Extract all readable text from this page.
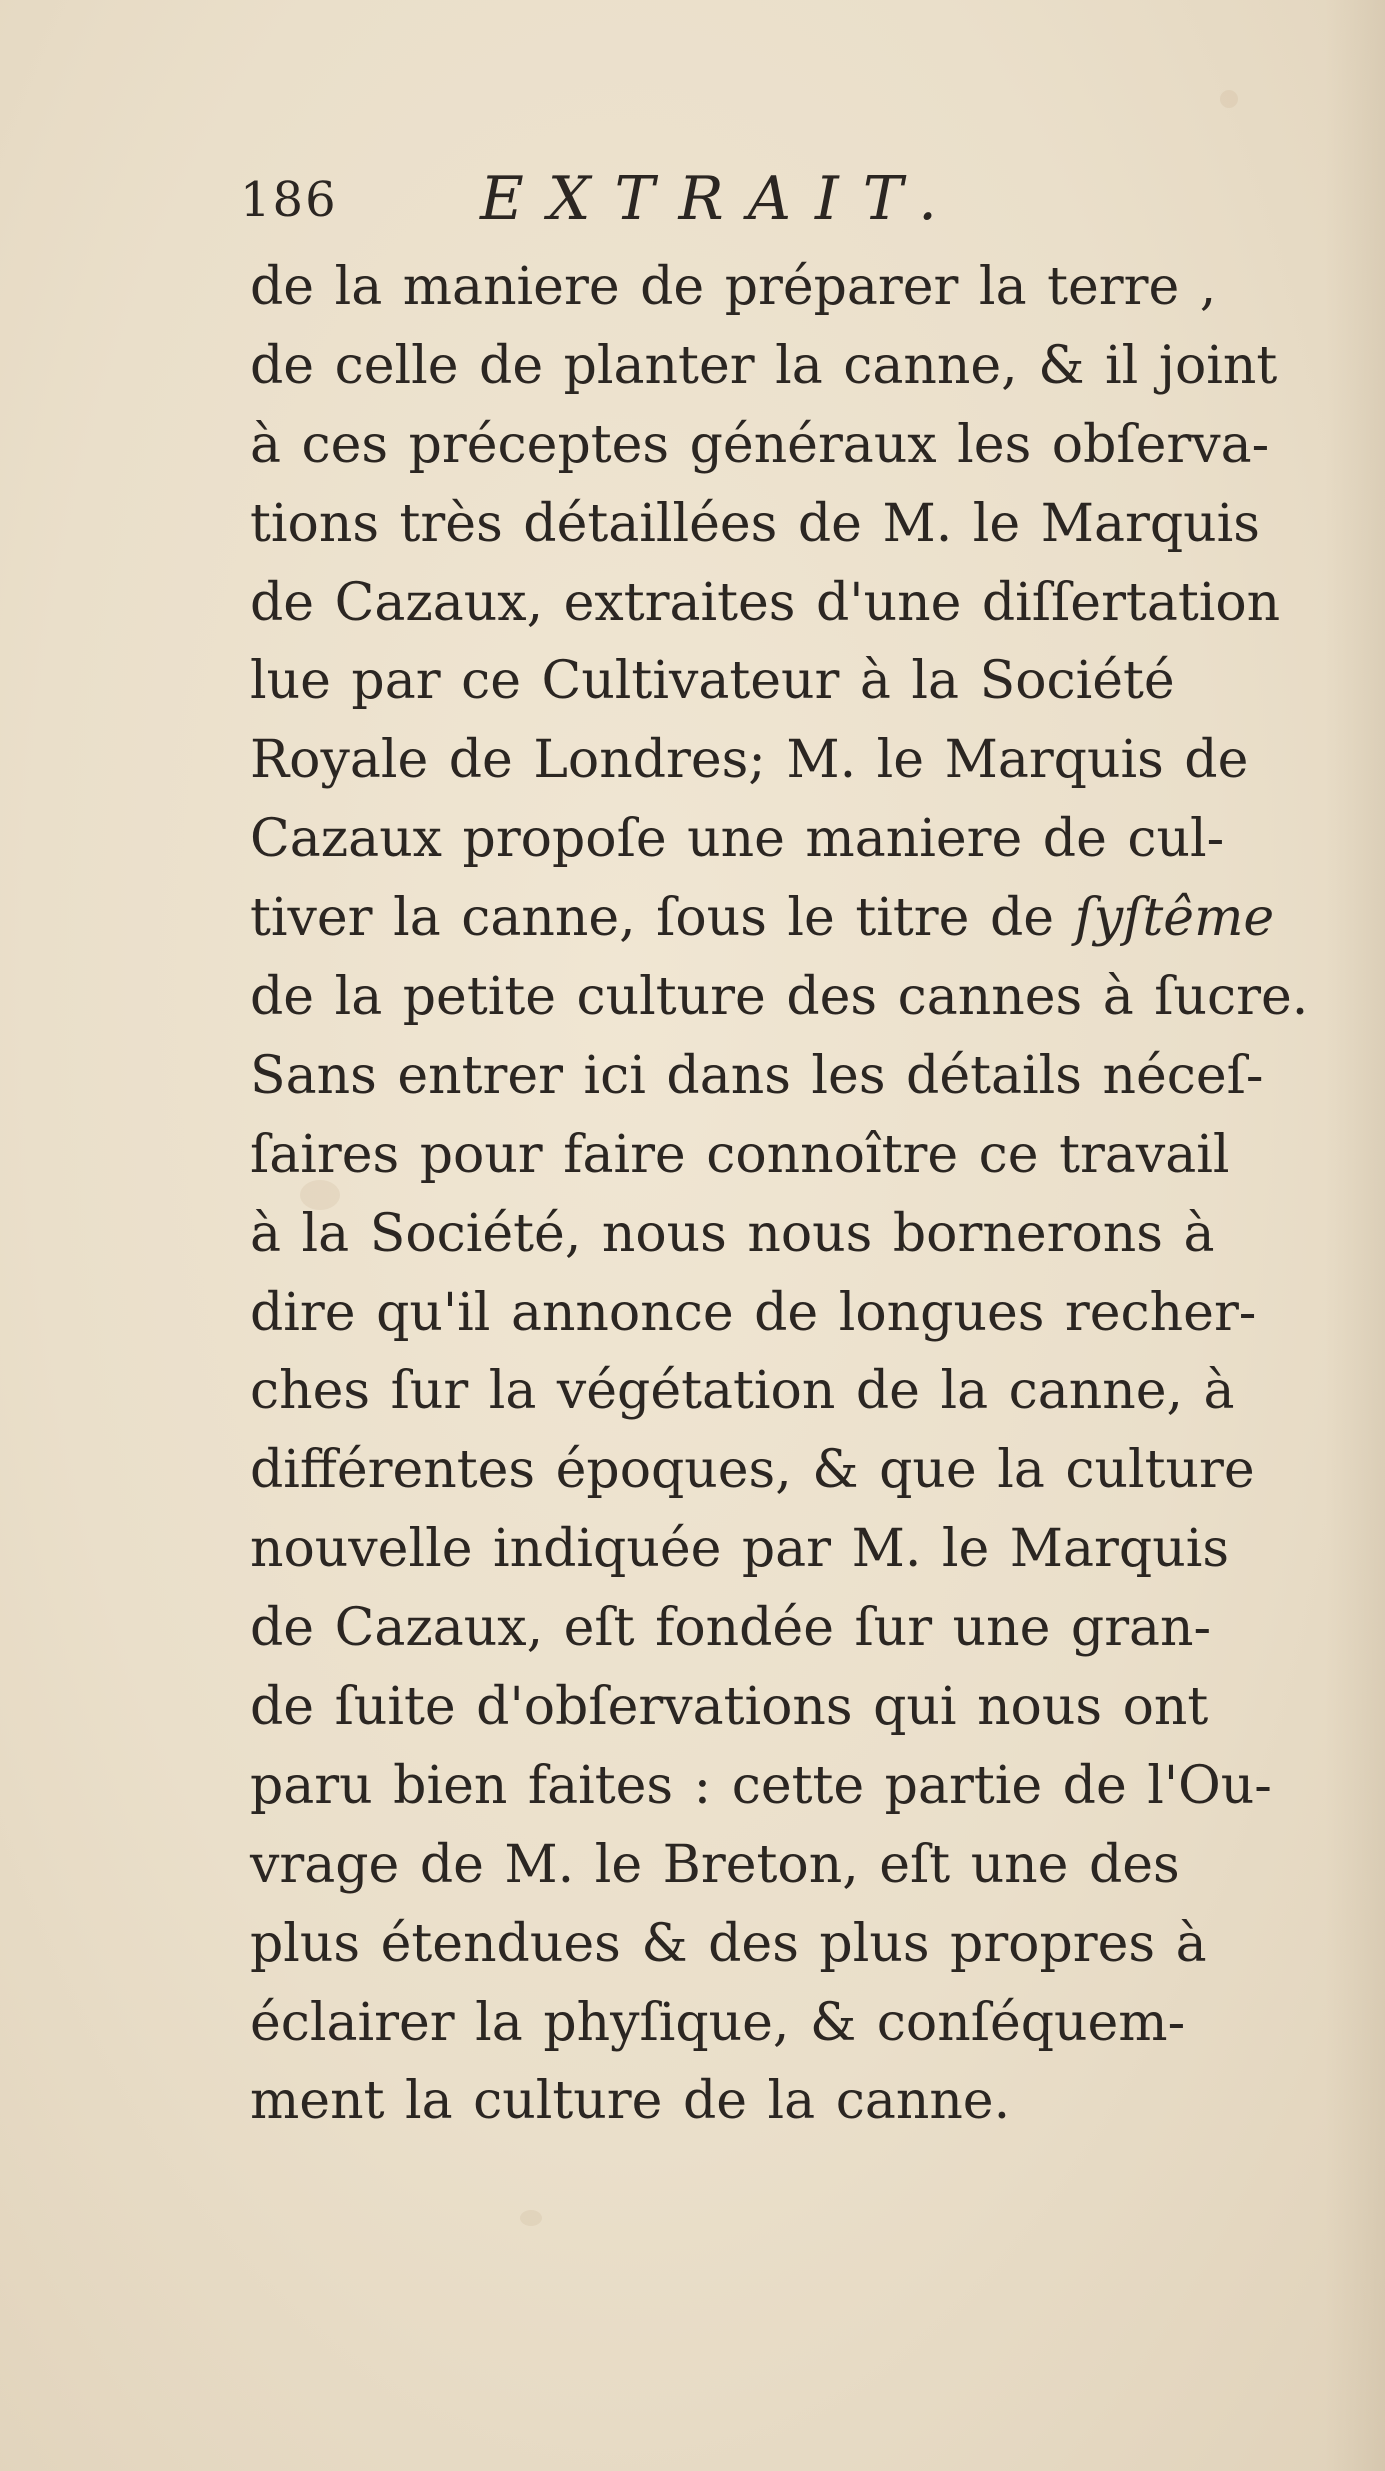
186 EXTRAIT.
de la maniere de préparer la terre ,
de celle de planter la canne, & il joint
à ces préceptes généraux les obſerva-
tions très détaillées de M. le Marquis
de Cazaux, extraites d'une diſſertation
lue par ce Cultivateur à la Société
Royale de Londres; M. le Marquis de
Cazaux propoſe une maniere de cul-
tiver la canne, ſous le titre de ſyſtême
de la petite culture des cannes à ſucre.
Sans entrer ici dans les détails néceſ-
ſaires pour faire connoître ce travail
à la Société, nous nous bornerons à
dire qu'il annonce de longues recher-
ches ſur la végétation de la canne, à
différentes époques, & que la culture
nouvelle indiquée par M. le Marquis
de Cazaux, eſt fondée ſur une gran-
de ſuite d'obſervations qui nous ont
paru bien faites : cette partie de l'Ou-
vrage de M. le Breton, eſt une des
plus étendues & des plus propres à
éclairer la phyſique, & conſéquem-
ment la culture de la canne.
